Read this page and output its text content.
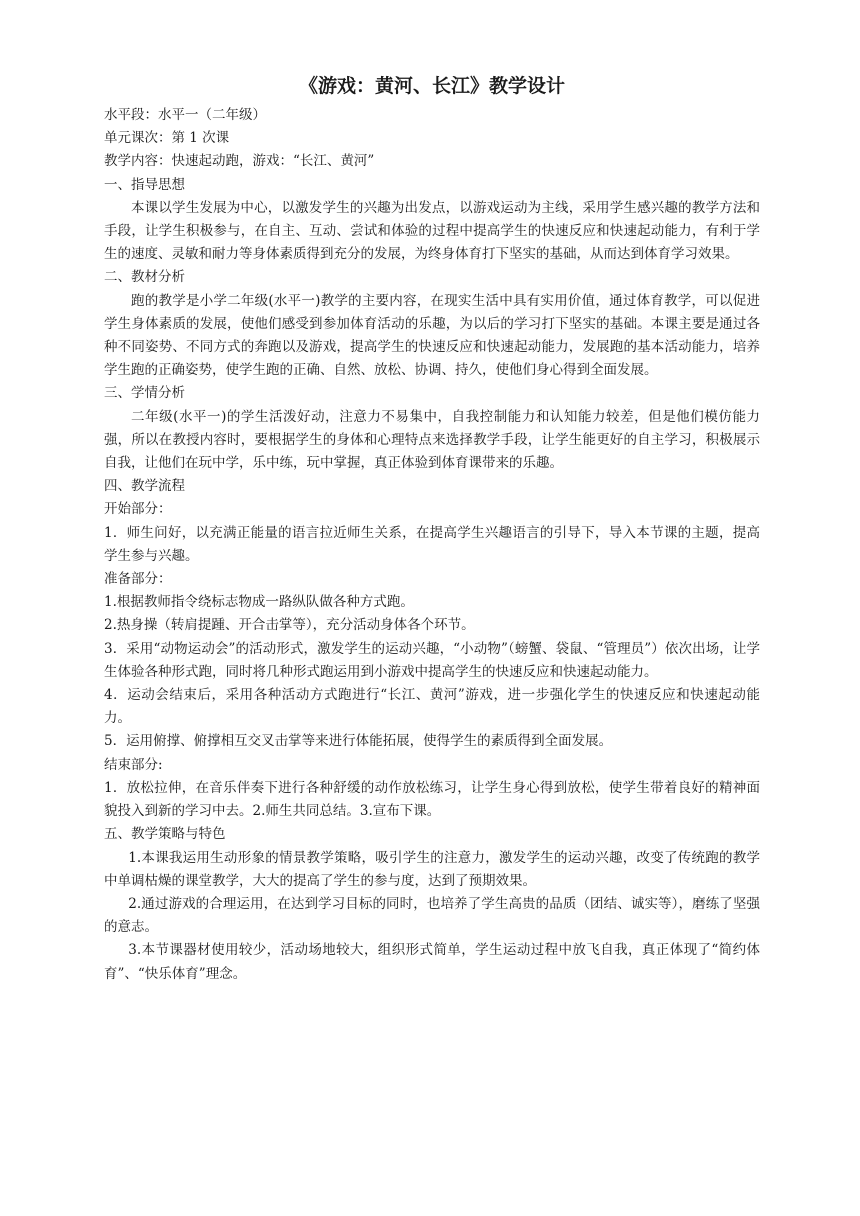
《游戏：黄河、长江》教学设计

水平段：水平一（二年级）

单元课次：第 1 次课

教学内容：快速起动跑，游戏：“长江、黄河”

一、指导思想

本课以学生发展为中心，以激发学生的兴趣为出发点，以游戏运动为主线，采用学生感兴趣的教学方法和手段，让学生积极参与，在自主、互动、尝试和体验的过程中提高学生的快速反应和快速起动能力，有利于学生的速度、灵敏和耐力等身体素质得到充分的发展，为终身体育打下坚实的基础，从而达到体育学习效果。

二、教材分析

跑的教学是小学二年级(水平一)教学的主要内容，在现实生活中具有实用价值，通过体育教学，可以促进学生身体素质的发展，使他们感受到参加体育活动的乐趣，为以后的学习打下坚实的基础。本课主要是通过各种不同姿势、不同方式的奔跑以及游戏，提高学生的快速反应和快速起动能力，发展跑的基本活动能力，培养学生跑的正确姿势，使学生跑的正确、自然、放松、协调、持久，使他们身心得到全面发展。

三、学情分析

二年级(水平一)的学生活泼好动，注意力不易集中，自我控制能力和认知能力较差，但是他们模仿能力强，所以在教授内容时，要根据学生的身体和心理特点来选择教学手段，让学生能更好的自主学习，积极展示自我，让他们在玩中学，乐中练，玩中掌握，真正体验到体育课带来的乐趣。

四、教学流程

开始部分：

1．师生问好，以充满正能量的语言拉近师生关系，在提高学生兴趣语言的引导下，导入本节课的主题，提高学生参与兴趣。

准备部分：

1.根据教师指令绕标志物成一路纵队做各种方式跑。

2.热身操（转肩提踵、开合击掌等），充分活动身体各个环节。

3．采用“动物运动会”的活动形式，激发学生的运动兴趣，“小动物”（螃蟹、袋鼠、“管理员”）依次出场，让学生体验各种形式跑，同时将几种形式跑运用到小游戏中提高学生的快速反应和快速起动能力。

4．运动会结束后，采用各种活动方式跑进行“长江、黄河”游戏，进一步强化学生的快速反应和快速起动能力。

5．运用俯撑、俯撑相互交叉击掌等来进行体能拓展，使得学生的素质得到全面发展。

结束部分:

1．放松拉伸，在音乐伴奏下进行各种舒缓的动作放松练习，让学生身心得到放松，使学生带着良好的精神面貌投入到新的学习中去。2.师生共同总结。3.宣布下课。

五、教学策略与特色

1.本课我运用生动形象的情景教学策略，吸引学生的注意力，激发学生的运动兴趣，改变了传统跑的教学中单调枯燥的课堂教学，大大的提高了学生的参与度，达到了预期效果。

2.通过游戏的合理运用，在达到学习目标的同时，也培养了学生高贵的品质（团结、诚实等），磨练了坚强的意志。

3.本节课器材使用较少，活动场地较大，组织形式简单，学生运动过程中放飞自我，真正体现了“简约体育”、“快乐体育”理念。
